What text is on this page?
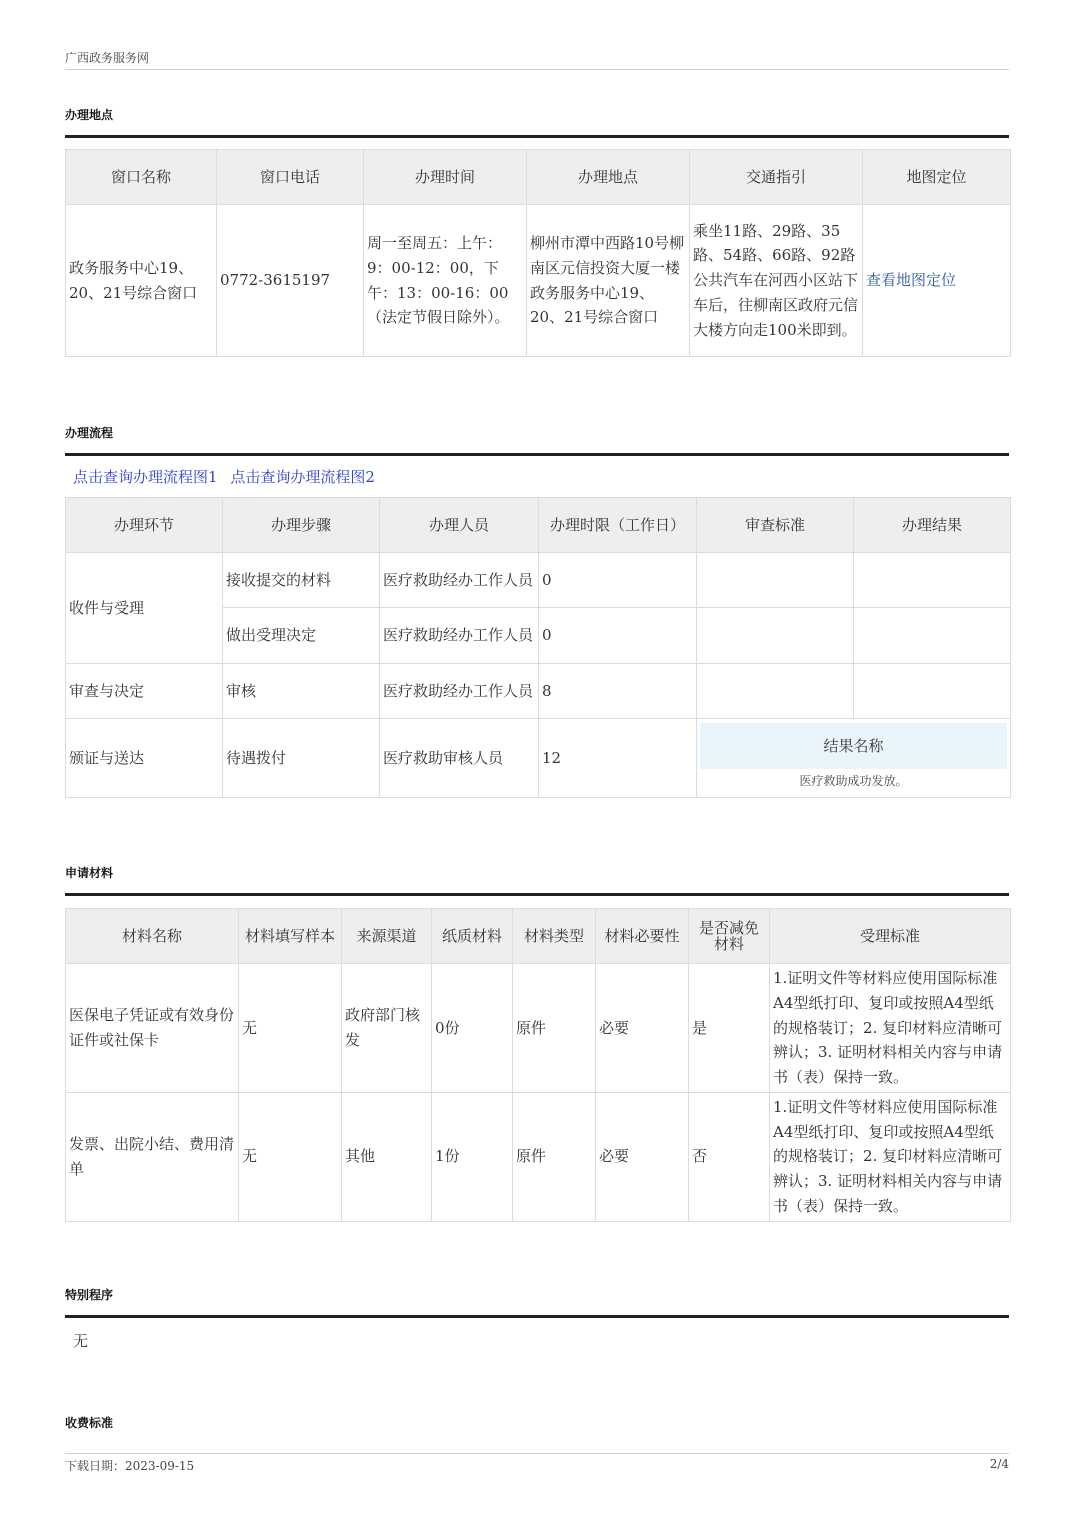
广西政务服务网
办理地点
窗口名称	窗口电话	办理时间	办理地点	交通指引	地图定位
政务服务中心19、20、21号综合窗口	0772-3615197	周一至周五：上午：9：00-12：00，下午：13：00-16：00（法定节假日除外）。	柳州市潭中西路10号柳南区元信投资大厦一楼政务服务中心19、20、21号综合窗口	乘坐11路、29路、35路、54路、66路、92路公共汽车在河西小区站下车后，往柳南区政府元信大楼方向走100米即到。	查看地图定位
办理流程
点击查询办理流程图1 点击查询办理流程图2
办理环节	办理步骤	办理人员	办理时限（工作日）	审查标准	办理结果
收件与受理	接收提交的材料	医疗救助经办工作人员	0		
	做出受理决定	医疗救助经办工作人员	0		
审查与决定	审核	医疗救助经办工作人员	8		
颁证与送达	待遇拨付	医疗救助审核人员	12	结果名称
医疗救助成功发放。	
申请材料
材料名称	材料填写样本	来源渠道	纸质材料	材料类型	材料必要性	是否减免材料	受理标准
医保电子凭证或有效身份证件或社保卡	无	政府部门核发	0份	原件	必要	是	1.证明文件等材料应使用国际标准A4型纸打印、复印或按照A4型纸的规格装订；2. 复印材料应清晰可辨认；3. 证明材料相关内容与申请书（表）保持一致。
发票、出院小结、费用清单	无	其他	1份	原件	必要	否	1.证明文件等材料应使用国际标准A4型纸打印、复印或按照A4型纸的规格装订；2. 复印材料应清晰可辨认；3. 证明材料相关内容与申请书（表）保持一致。
特别程序
无
收费标准
下载日期：2023-09-15	2/4
